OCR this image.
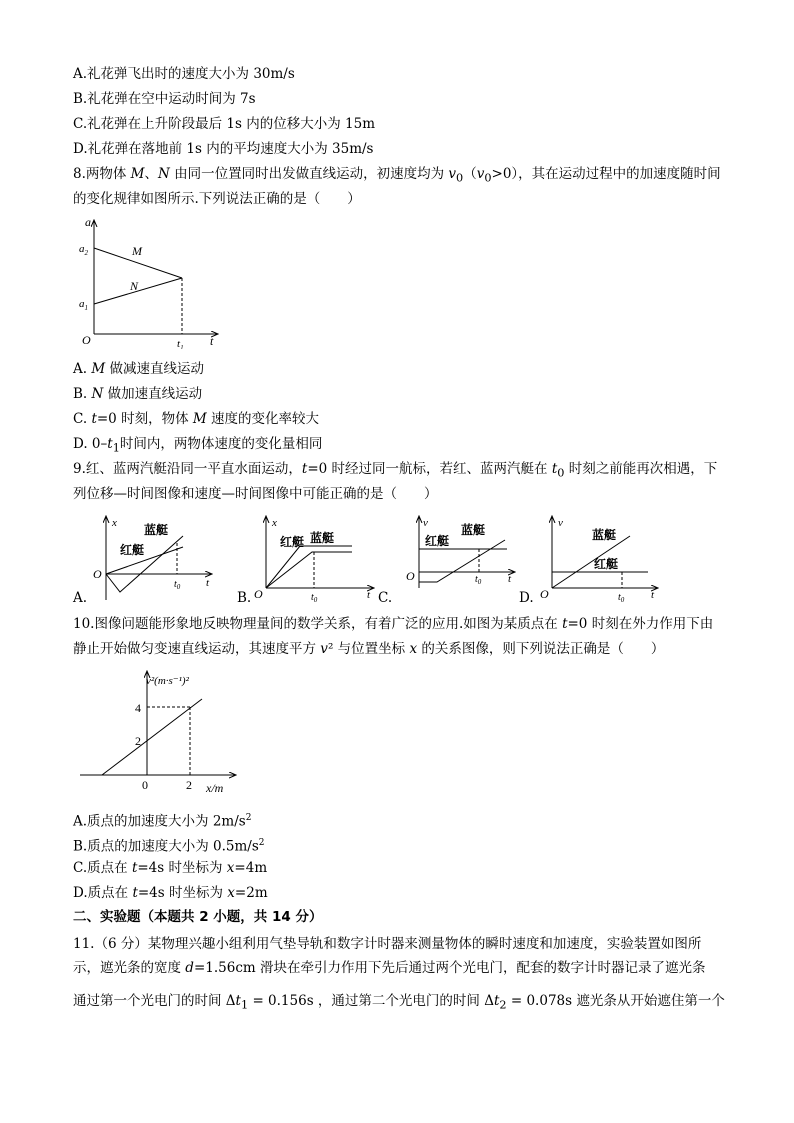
A.礼花弹飞出时的速度大小为 30m/s
B.礼花弹在空中运动时间为 7s
C.礼花弹在上升阶段最后 1s 内的位移大小为 15m
D.礼花弹在落地前 1s 内的平均速度大小为 35m/s
8.两物体 M、N 由同一位置同时出发做直线运动，初速度均为 $v_0(v_0>0)$，其在运动过程中的加速度随时间
的变化规律如图所示.下列说法正确的是（　　）
a
t
O
$a_2$
$a_1$
$t_1$
M
N
A. M 做减速直线运动
B. N 做加速直线运动
C. t=0 时刻，物体 M 速度的变化率较大
D. $0-t_1$时间内，两物体速度的变化量相同
9.红、蓝两汽艇沿同一平直水面运动，t=0 时经过同一航标，若红、蓝两汽艇在 $t_0$ 时刻之前能再次相遇，下
列位移—时间图像和速度—时间图像中可能正确的是（　　）
A.
x
t
O
$t_0$
蓝艇
红艇
B.
x
t
O	$t_0$
红艇 蓝艇
C.
v
t
O	$t_0$
红艇
蓝艇
D.
v
t
O	$t_0$
蓝艇
红艇
10.图像问题能形象地反映物理量间的数学关系，有着广泛的应用.如图为某质点在 t=0 时刻在外力作用下由
静止开始做匀变速直线运动，其速度平方 v² 与位置坐标 x 的关系图像，则下列说法正确是（　　）
v²(m·s⁻¹)²
x/m
4
2
0	2
A.质点的加速度大小为 $2m/s^2$
B.质点的加速度大小为 $0.5m/s^2$
C.质点在 t=4s 时坐标为 x=4m
D.质点在 t=4s 时坐标为 x=2m
二、实验题（本题共 2 小题，共 14 分）
11.（6 分）某物理兴趣小组利用气垫导轨和数字计时器来测量物体的瞬时速度和加速度，实验装置如图所
示，遮光条的宽度 d=1.56cm 滑块在牵引力作用下先后通过两个光电门，配套的数字计时器记录了遮光条
通过第一个光电门的时间 $\Delta t_1 = 0.156s$ ，通过第二个光电门的时间 $\Delta t_2 = 0.078s$ 遮光条从开始遮住第一个
